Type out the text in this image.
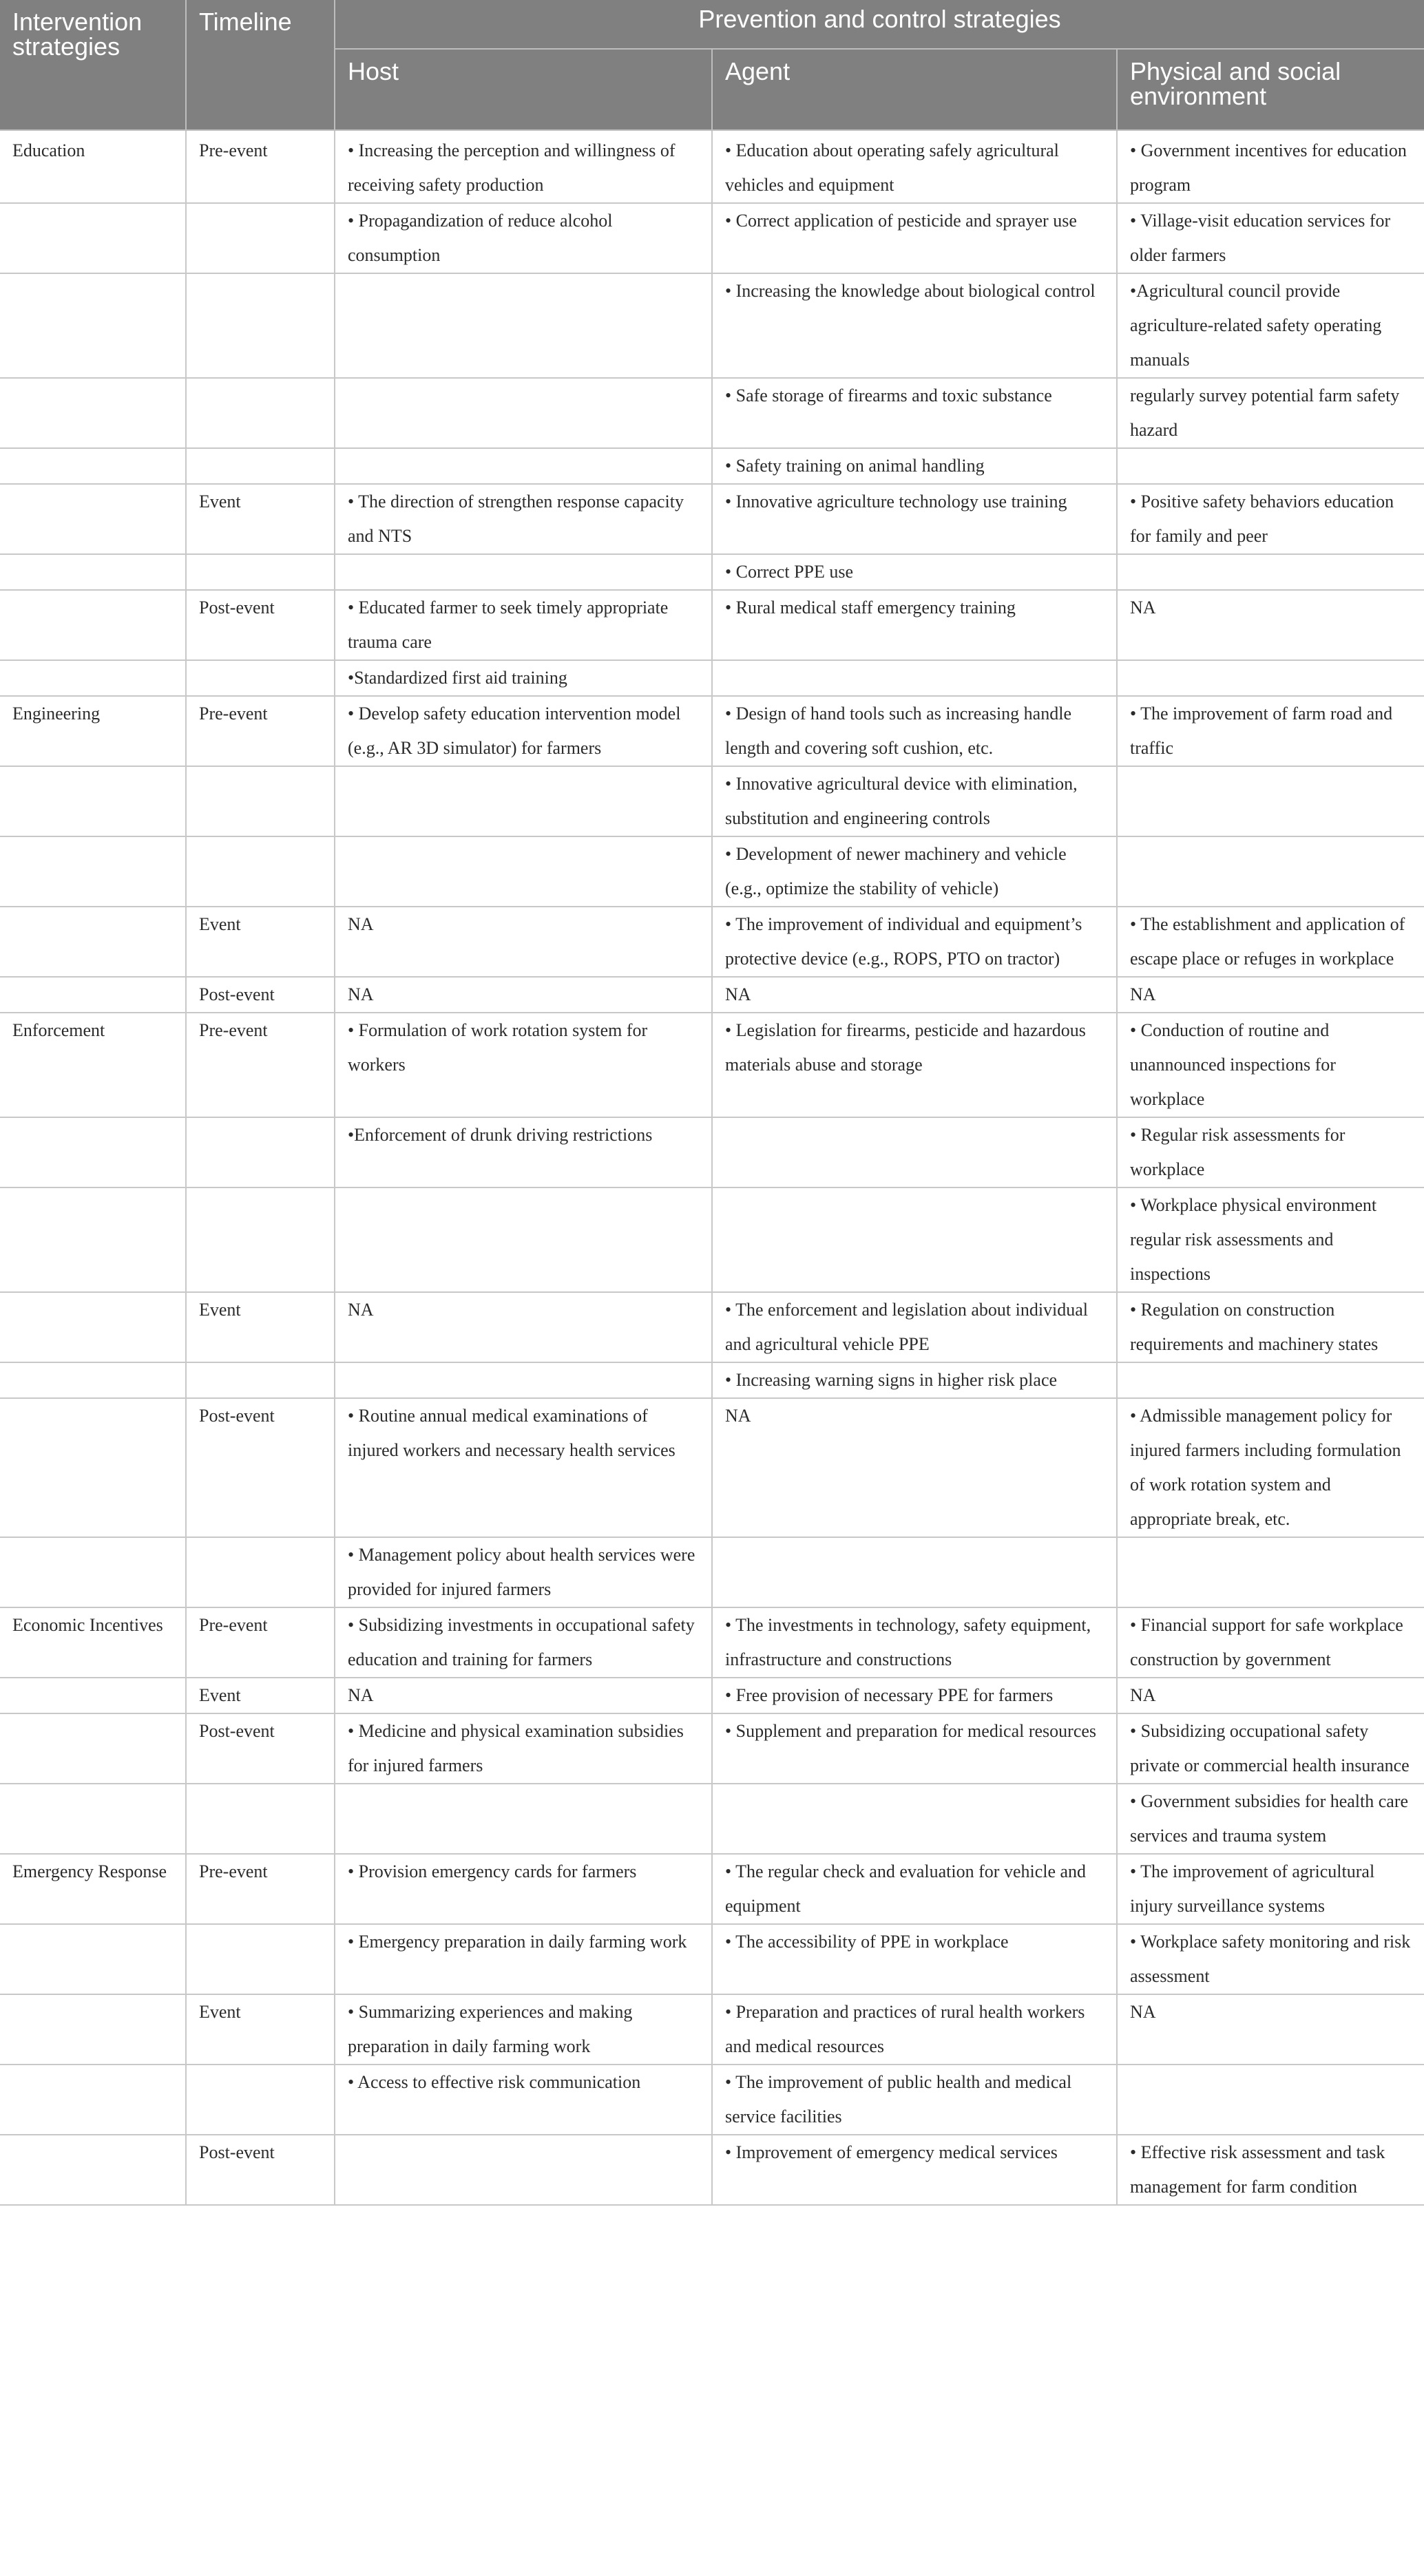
Intervention strategies	Timeline	Prevention and control strategies		
		Host	Agent	Physical and social environment
Education	Pre-event	• Increasing the perception and willingness of receiving safety production	• Education about operating safely agricultural vehicles and equipment	• Government incentives for education program
		• Propagandization of reduce alcohol consumption	• Correct application of pesticide and sprayer use	• Village-visit education services for older farmers
			• Increasing the knowledge about biological control	•Agricultural council provide agriculture-related safety operating manuals
			• Safe storage of firearms and toxic substance	regularly survey potential farm safety hazard
			• Safety training on animal handling	
	Event	• The direction of strengthen response capacity and NTS	• Innovative agriculture technology use training	• Positive safety behaviors education for family and peer
			• Correct PPE use	
	Post-event	• Educated farmer to seek timely appropriate trauma care	• Rural medical staff emergency training	NA
		•Standardized first aid training		
Engineering	Pre-event	• Develop safety education intervention model (e.g., AR 3D simulator) for farmers	• Design of hand tools such as increasing handle length and covering soft cushion, etc.	• The improvement of farm road and traffic
			• Innovative agricultural device with elimination, substitution and engineering controls	
			• Development of newer machinery and vehicle (e.g., optimize the stability of vehicle)	
	Event	NA	• The improvement of individual and equipment’s protective device (e.g., ROPS, PTO on tractor)	• The establishment and application of escape place or refuges in workplace
	Post-event	NA	NA	NA
Enforcement	Pre-event	• Formulation of work rotation system for workers	• Legislation for firearms, pesticide and hazardous materials abuse and storage	• Conduction of routine and unannounced inspections for workplace
		•Enforcement of drunk driving restrictions		• Regular risk assessments for workplace
				• Workplace physical environment regular risk assessments and inspections
	Event	NA	• The enforcement and legislation about individual and agricultural vehicle PPE	• Regulation on construction requirements and machinery states
			• Increasing warning signs in higher risk place	
	Post-event	• Routine annual medical examinations of injured workers and necessary health services	NA	• Admissible management policy for injured farmers including formulation of work rotation system and appropriate break, etc.
		• Management policy about health services were provided for injured farmers		
Economic Incentives	Pre-event	• Subsidizing investments in occupational safety education and training for farmers	• The investments in technology, safety equipment, infrastructure and constructions	• Financial support for safe workplace construction by government
	Event	NA	• Free provision of necessary PPE for farmers	NA
	Post-event	• Medicine and physical examination subsidies for injured farmers	• Supplement and preparation for medical resources	• Subsidizing occupational safety private or commercial health insurance
				• Government subsidies for health care services and trauma system
Emergency Response	Pre-event	• Provision emergency cards for farmers	• The regular check and evaluation for vehicle and equipment	• The improvement of agricultural injury surveillance systems
		• Emergency preparation in daily farming work	• The accessibility of PPE in workplace	• Workplace safety monitoring and risk assessment
	Event	• Summarizing experiences and making preparation in daily farming work	• Preparation and practices of rural health workers and medical resources	NA
		• Access to effective risk communication	• The improvement of public health and medical service facilities	
	Post-event		• Improvement of emergency medical services	• Effective risk assessment and task management for farm condition
